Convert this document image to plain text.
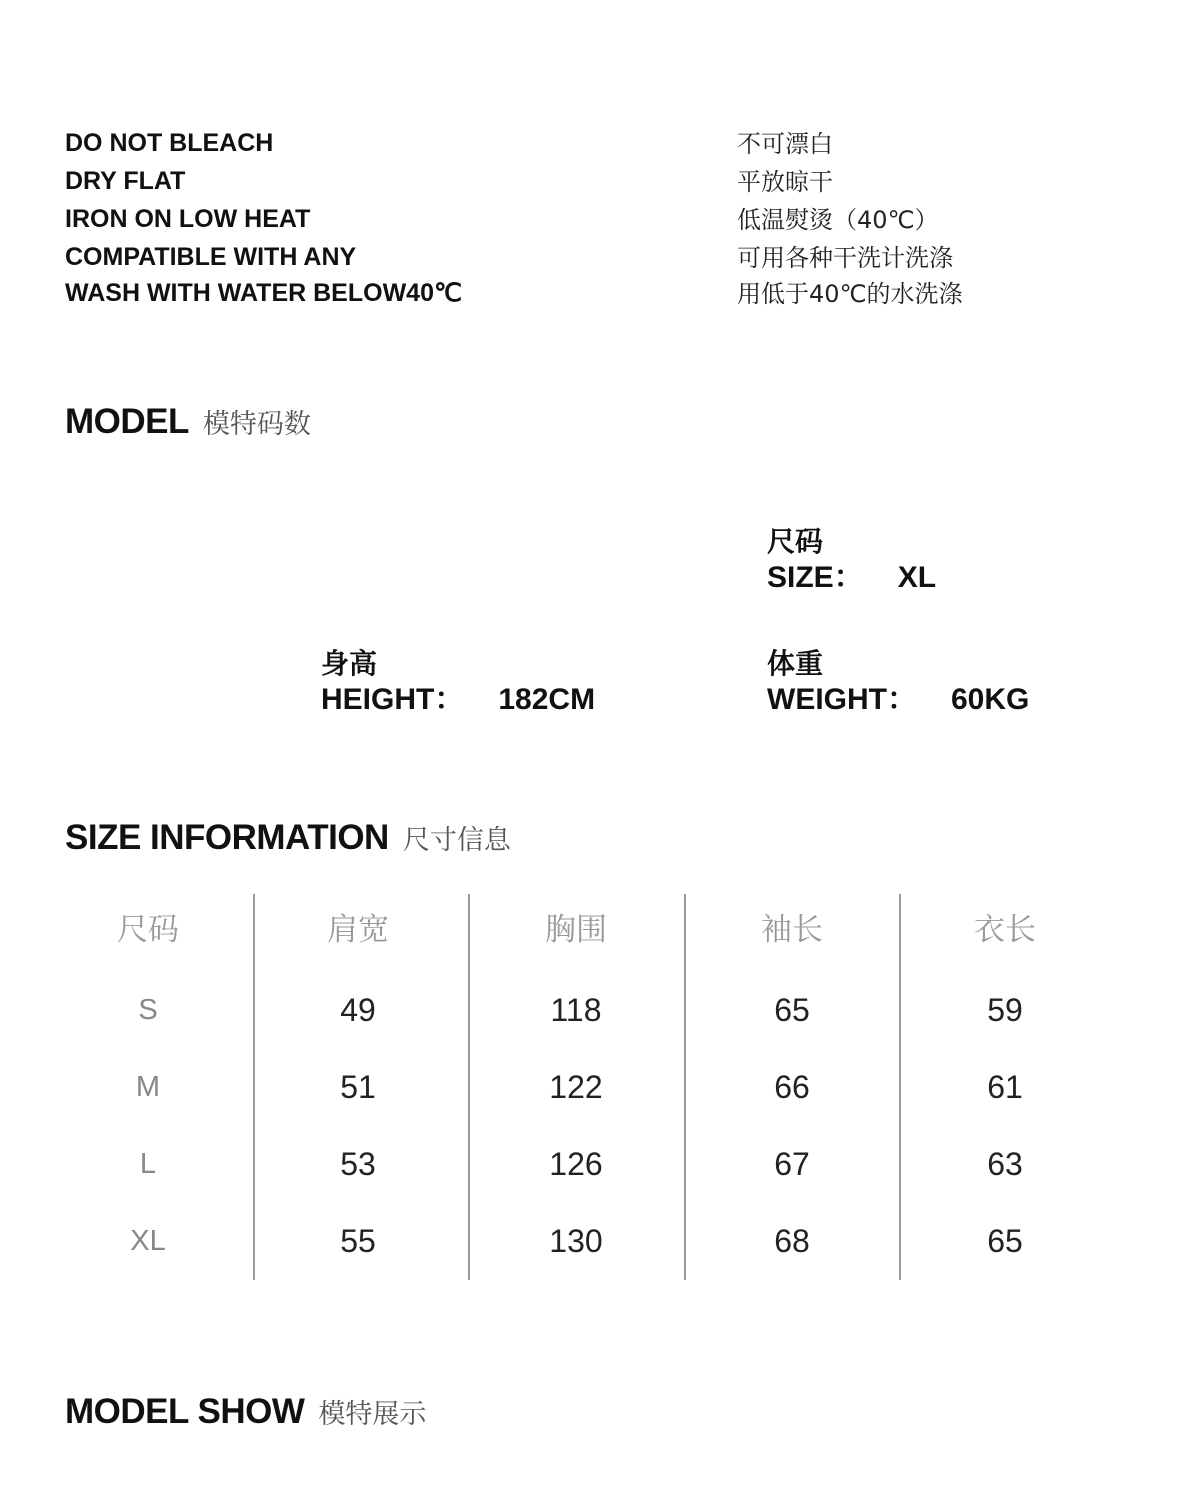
DO NOT BLEACH
DRY FLAT
IRON ON LOW HEAT
COMPATIBLE WITH ANY
WASH WITH WATER BELOW40℃
不可漂白
平放晾干
低温熨烫（40℃）
可用各种干洗计洗涤
用低于40℃的水洗涤
MODEL 模特码数
尺码
SIZE： XL
身高
HEIGHT： 182CM
体重
WEIGHT： 60KG
SIZE INFORMATION 尺寸信息
尺码
S
M
L
XL
肩宽
49
51
53
55
胸围
118
122
126
130
袖长
65
66
67
68
衣长
59
61
63
65
MODEL SHOW 模特展示
